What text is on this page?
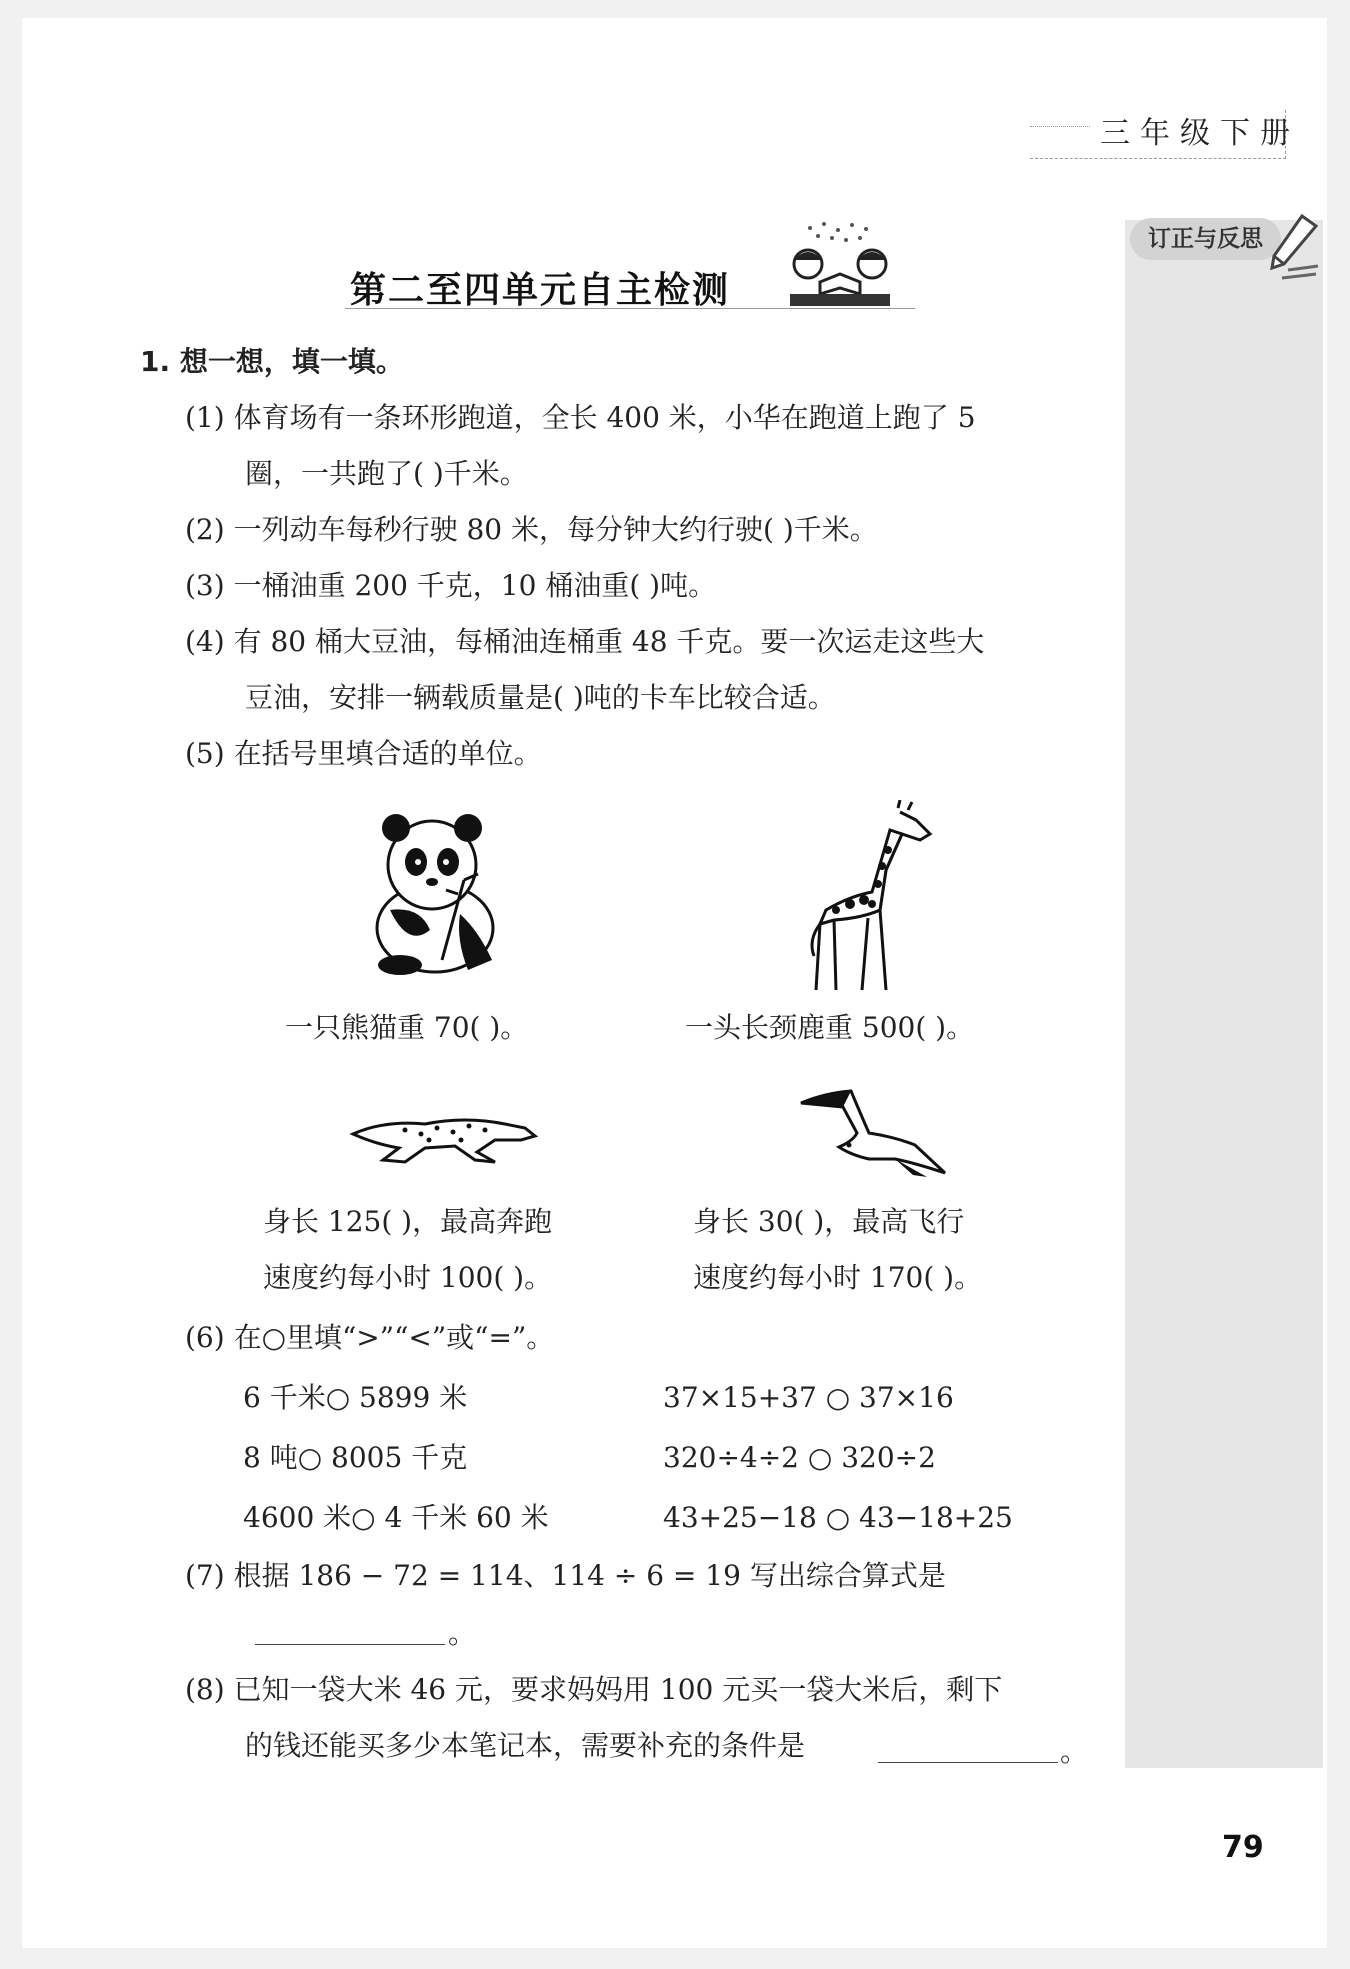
三年级下册
订正与反思
第二至四单元自主检测
1. 想一想，填一填。
(1) 体育场有一条环形跑道，全长 400 米，小华在跑道上跑了 5
圈，一共跑了( )千米。
(2) 一列动车每秒行驶 80 米，每分钟大约行驶( )千米。
(3) 一桶油重 200 千克，10 桶油重( )吨。
(4) 有 80 桶大豆油，每桶油连桶重 48 千克。要一次运走这些大
豆油，安排一辆载质量是( )吨的卡车比较合适。
(5) 在括号里填合适的单位。
一只熊猫重 70( )。	一头长颈鹿重 500( )。
身长 125( )，最高奔跑
速度约每小时 100( )。
身长 30( )，最高飞行
速度约每小时 170( )。
(6) 在○里填“>”“<”或“=”。
6 千米○ 5899 米	37×15+37 ○ 37×16
8 吨○ 8005 千克	320÷4÷2 ○ 320÷2
4600 米○ 4 千米 60 米	43+25−18 ○ 43−18+25
(7) 根据 186 − 72 = 114、114 ÷ 6 = 19 写出综合算式是
。
(8) 已知一袋大米 46 元，要求妈妈用 100 元买一袋大米后，剩下
的钱还能买多少本笔记本，需要补充的条件是	。
79
